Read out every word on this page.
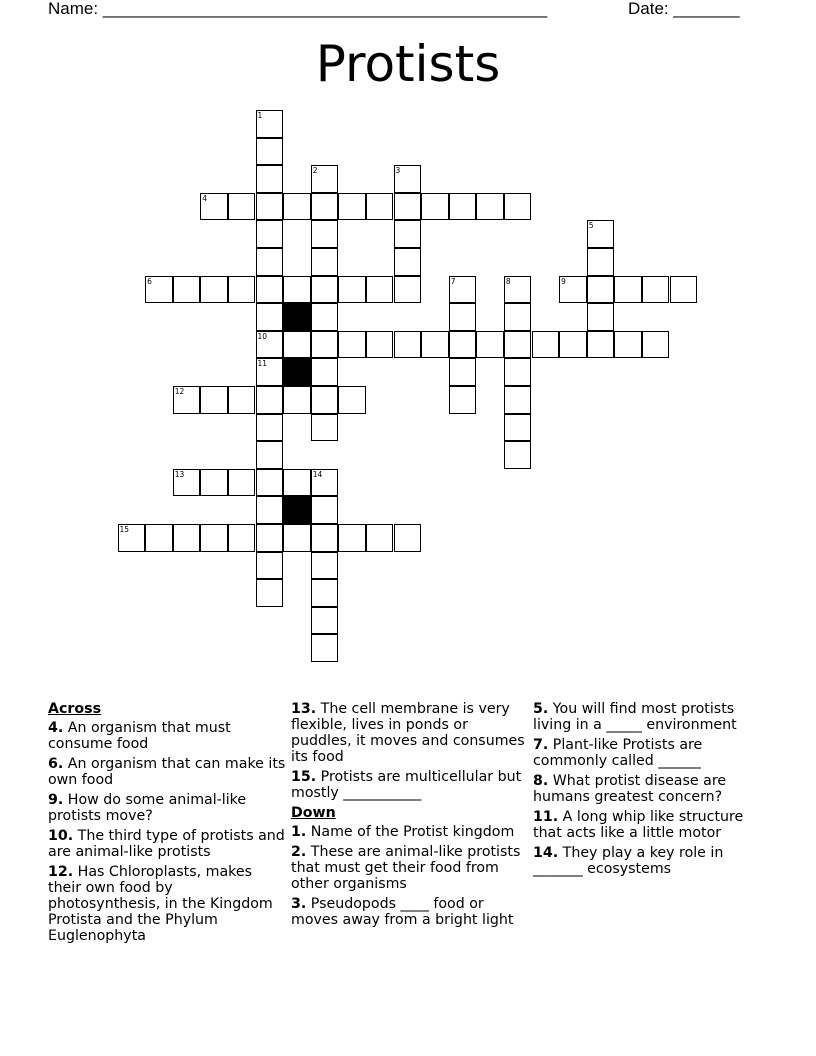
Name: _______________________________________________	Date: _______
Protists
4
6	9
10
12
13	14
15
1
11
2	3
5
7	8
Across
4. An organism that must consume food
6. An organism that can make its own food
9. How do some animal-like protists move?
10. The third type of protists and are animal-like protists
12. Has Chloroplasts, makes their own food by photosynthesis, in the Kingdom Protista and the Phylum Euglenophyta
13. The cell membrane is very flexible, lives in ponds or puddles, it moves and consumes its food
15. Protists are multicellular but mostly ___________
Down
1. Name of the Protist kingdom
2. These are animal-like protists that must get their food from other organisms
3. Pseudopods ____ food or moves away from a bright light
5. You will find most protists living in a _____ environment
7. Plant-like Protists are commonly called ______
8. What protist disease are humans greatest concern?
11. A long whip like structure that acts like a little motor
14. They play a key role in _______ ecosystems
